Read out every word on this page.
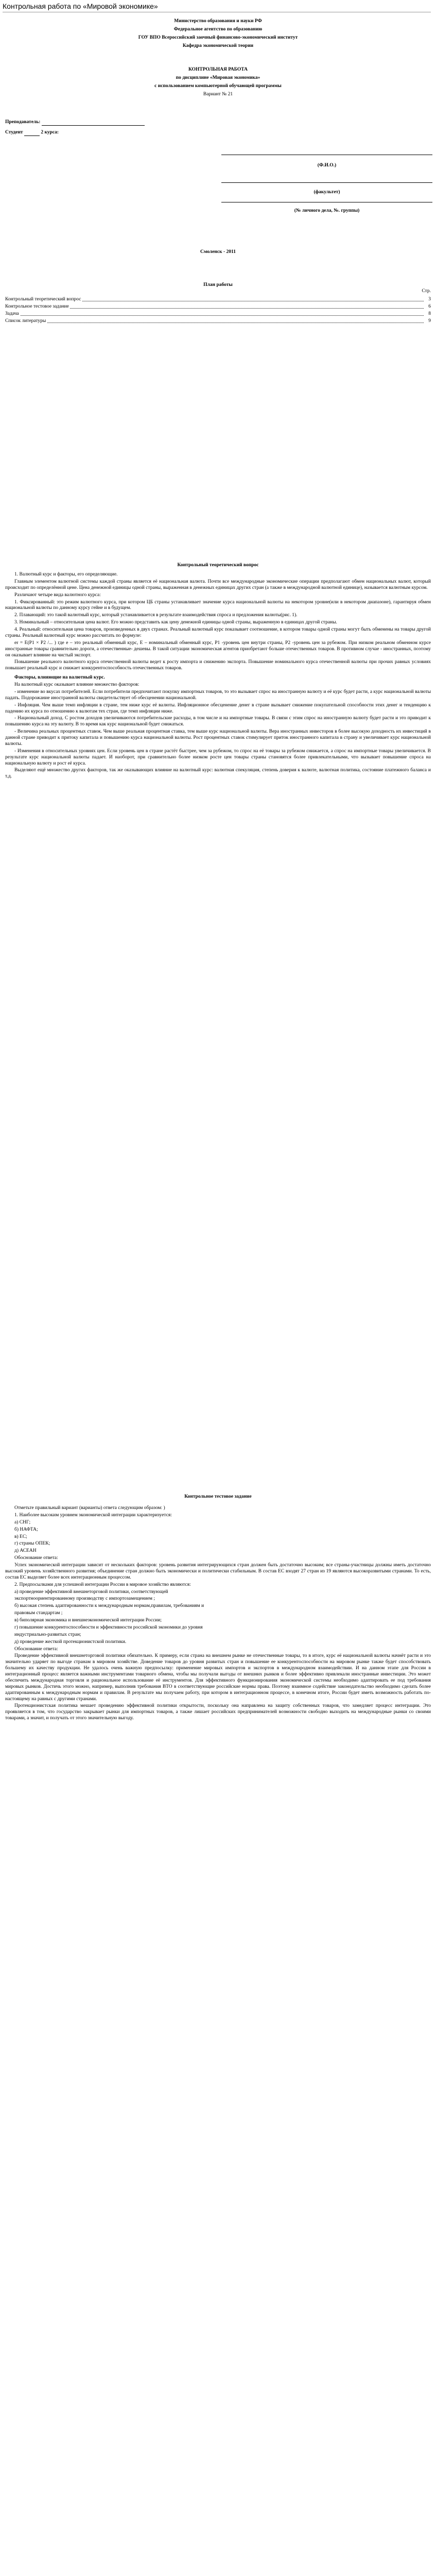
Контрольная работа по «Мировой экономике»
Министерство образования и науки РФ
Федеральное агентство по образованию
ГОУ ВПО Всероссийский заочный финансово-экономический институт
Кафедра экономической теории
КОНТРОЛЬНАЯ РАБОТА
по дисциплине «Мировая экономика»
с использованием компьютерной обучающей программы
Вариант № 21
Преподаватель:
Студент	2 курса:
(Ф.И.О.)
(факультет)
(№ личного дела, №. группы)
Смоленск - 2011
План работы
Стр.
Контрольный теоретический вопрос	3
Контрольное тестовое задание	6
Задача	8
Список литературы	9
Контрольный теоретический вопрос

1. Валютный курс и факторы, его определяющие.

Главным элементом валютной системы каждой страны является её национальная валюта. Почти все международные экономические операции предполагают обмен национальных валют, который происходит по определённой цене. Цена денежной единицы одной страны, выраженная в денежных единицах других стран (а также в международной валютной единице), называется валютным курсом.

Различают четыре вида валютного курса:

1. Фиксированный: это режим валютного курса, при котором ЦБ страны устанавливает значение курса национальной валюты на некотором уровне(или в некотором диапазоне), гарантируя обмен национальной валюты по данному курсу гейне и в будущем.

2. Плавающий: это такой валютный курс, который устанавливается в результате взаимодействия спроса и предложения валюты(рис. 1).

3. Номинальный – относительная цена валют. Его можно представить как цену денежной единицы одной страны, выраженную в единицах другой страны.

4. Реальный: относительная цена товаров, произведенных в двух странах. Реальный валютный курс показывает соотношение, в котором товары одной страны могут быть обменены на товары другой страны. Реальный валютный курс можно рассчитать по формуле:

er = E(P1 × P2 /... ) где е – это реальный обменный курс, Е – номинальный обменный курс, Р1 -уровень цен внутри страны, Р2 -уровень цен за рубежом. При низком реальном обменном курсе иностранные товары сравнительно дороги, а отечественные- дешевы. В такой ситуации экономическая агентов приобретают больше отечественных товаров. В противном случае - иностранных, поэтому он оказывает влияние на чистый экспорт.

Повышение реального валютного курса отечественной валюты ведет к росту импорта и снижению экспорта. Повышение номинального курса отечественной валюты при прочих равных условиях повышает реальный курс и снижает конкурентоспособность отечественных товаров.

Факторы, влияющие на валютный курс.

На валютный курс оказывает влияние множество факторов:

- изменение во вкусах потребителей. Если потребители предпочитают покупку импортных товаров, то это вызывает спрос на иностранную валюту и её курс будет расти, а курс национальной валюты падать. Подорожание иностранной валюты свидетельствует об обесценении национальной.

- Инфляция. Чем выше темп инфляции в стране, тем ниже курс её валюты. Инфляционное обесценение денег в стране вызывает снижение покупательной способности этих денег и тенденцию к падению их курса по отношению к валютам тех стран, где темп инфляции ниже.

- Национальный доход. С ростом доходов увеличиваются потребительские расходы, в том числе и на импортные товары. В связи с этим спрос на иностранную валюту будет расти и это приводит к повышению курса на эту валюту. В то время как курс национальной будет снижаться.

- Величина реальных процентных ставок. Чем выше реальная процентная ставка, тем выше курс национальной валюты. Вера иностранных инвесторов в более высокую доходность их инвестиций в данной стране приводит к притоку капитала и повышению курса национальной валюты. Рост процентных ставок стимулирует приток иностранного капитала в страну и увеличивает курс национальной валюты.

- Изменения в относительных уровнях цен. Если уровень цен в стране растёт быстрее, чем за рубежом, то спрос на её товары за рубежом снижается, а спрос на импортные товары увеличивается. В результате курс национальной валюты падает. И наоборот, при сравнительно более низком росте цен товары страны становятся более привлекательными, что вызывает повышение спроса на национальную валюту и рост её курса.

Выделяют ещё множество других факторов, так же оказывающих влияние на валютный курс: валютная спекуляция, степень доверия к валюте, валютная политика, состояние платежного баланса и т.д.

Контрольное тестовое задание

Отметьте правильный вариант (варианты) ответа следующим образом: )

1. Наиболее высоким уровнем экономической интеграции характеризуется:

а) СНГ;

б) НАФТА;

в) ЕС;

г) страны ОПЕК;

д) АСЕАН

Обоснование ответа:

Успех экономической интеграции зависит от нескольких факторов: уровень развития интегрирующихся стран должен быть достаточно высоким; все страны-участницы должны иметь достаточно высокий уровень хозяйственного развития; объединение стран должно быть экономически и политически стабильным. В состав ЕС входят 27 стран из 19 являются высокоразвитыми странами. То есть, состав ЕС выделяет более всех интеграционным процессом.

2. Предпосылками для успешной интеграции России в мировое хозяйство являются:

а) проведение эффективной внешнеторговой политики, соответствующей

экспортноориентированному производству с импортозамещением ;

б) высокая степень адаптированности к международным нормам,правилам, требованиям и

правовым стандартам ;

в) биполярная экономика и внешнеэкономической интеграции России;

г) повышение конкурентоспособности и эффективности российской экономики до уровня

индустриально-развитых стран;

д) проведение жесткой протекционистской политики.

Обоснование ответа:

Проведение эффективной внешнеторговой политики обязательно. К примеру, если страна на внешнем рынке не отечественные товары, то в итоге, курс её национальной валюты начнёт расти и это значительно ударяет по выгоде странам в мировом хозяйстве. Доведение товаров до уровня развитых стран и повышение ее конкурентоспособности на мировом рынке также будет способствовать большему их качеству продукции. Не удалось очень важную предпосылку: применение мировых импортов и экспортов в международном взаимодействии. И на данном этапе для России в интеграционный процесс является важными инструментами товарного обмена, чтобы мы получали выгоды от внешних рынков и более эффективно привлекали иностранные инвестиции. Это может обеспечить международная торговля и рациональное использование её инструментов. Для эффективного функционирования экономической системы необходимо адаптировать ее под требования мировых рынков. Достичь этого можно, например, выполнив требования ВТО в соответствующие российские нормы права. Поэтому взаимное содействие законодательство необходимо сделать более адаптированным к международным нормам и правилам. В результате мы получаем работу, при котором в интеграционном процессе, в конечном итоге, России будет иметь возможность работать по-настоящему на равных с другими странами.

Протекционистская политика мешает проведению эффективной политики открытости, поскольку она направлена на защиту собственных товаров, что замедляет процесс интеграции. Это проявляется в том, что государство закрывает рынки для импортных товаров, а также лишает российских предпринимателей возможности свободно выходить на международные рынки со своими товарами, а значит, и получать от этого значительную выгоду.
